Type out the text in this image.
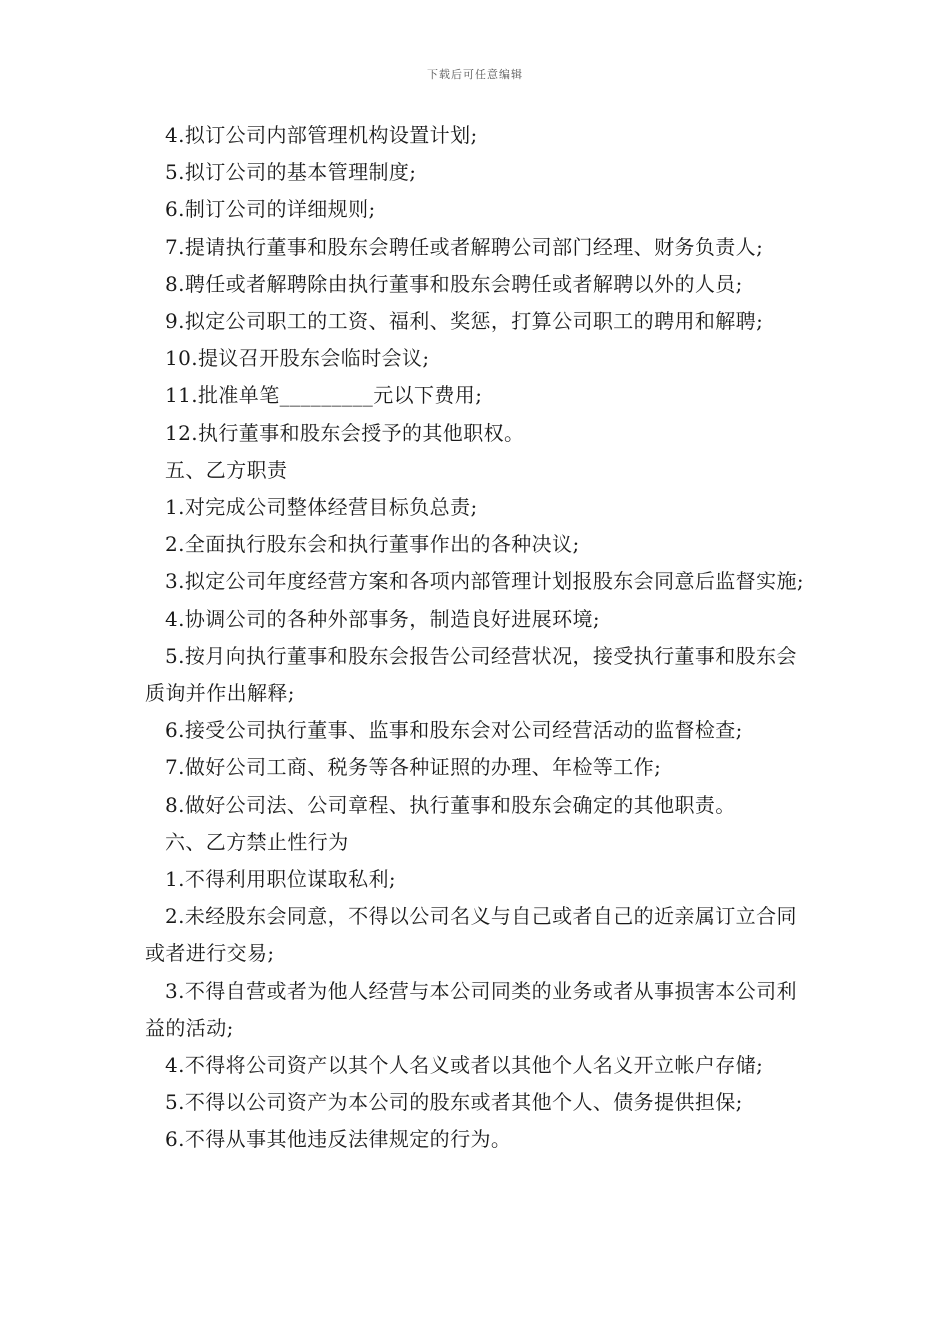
下载后可任意编辑

4.拟订公司内部管理机构设置计划;

5.拟订公司的基本管理制度;

6.制订公司的详细规则;

7.提请执行董事和股东会聘任或者解聘公司部门经理、财务负责人;

8.聘任或者解聘除由执行董事和股东会聘任或者解聘以外的人员;

9.拟定公司职工的工资、福利、奖惩，打算公司职工的聘用和解聘;

10.提议召开股东会临时会议;

11.批准单笔_________元以下费用;

12.执行董事和股东会授予的其他职权。

五、乙方职责

1.对完成公司整体经营目标负总责;

2.全面执行股东会和执行董事作出的各种决议;

3.拟定公司年度经营方案和各项内部管理计划报股东会同意后监督实施;

4.协调公司的各种外部事务，制造良好进展环境;

5.按月向执行董事和股东会报告公司经营状况，接受执行董事和股东会质询并作出解释;

6.接受公司执行董事、监事和股东会对公司经营活动的监督检查;

7.做好公司工商、税务等各种证照的办理、年检等工作;

8.做好公司法、公司章程、执行董事和股东会确定的其他职责。

六、乙方禁止性行为

1.不得利用职位谋取私利;

2.未经股东会同意，不得以公司名义与自己或者自己的近亲属订立合同或者进行交易;

3.不得自营或者为他人经营与本公司同类的业务或者从事损害本公司利益的活动;

4.不得将公司资产以其个人名义或者以其他个人名义开立帐户存储;

5.不得以公司资产为本公司的股东或者其他个人、债务提供担保;

6.不得从事其他违反法律规定的行为。
